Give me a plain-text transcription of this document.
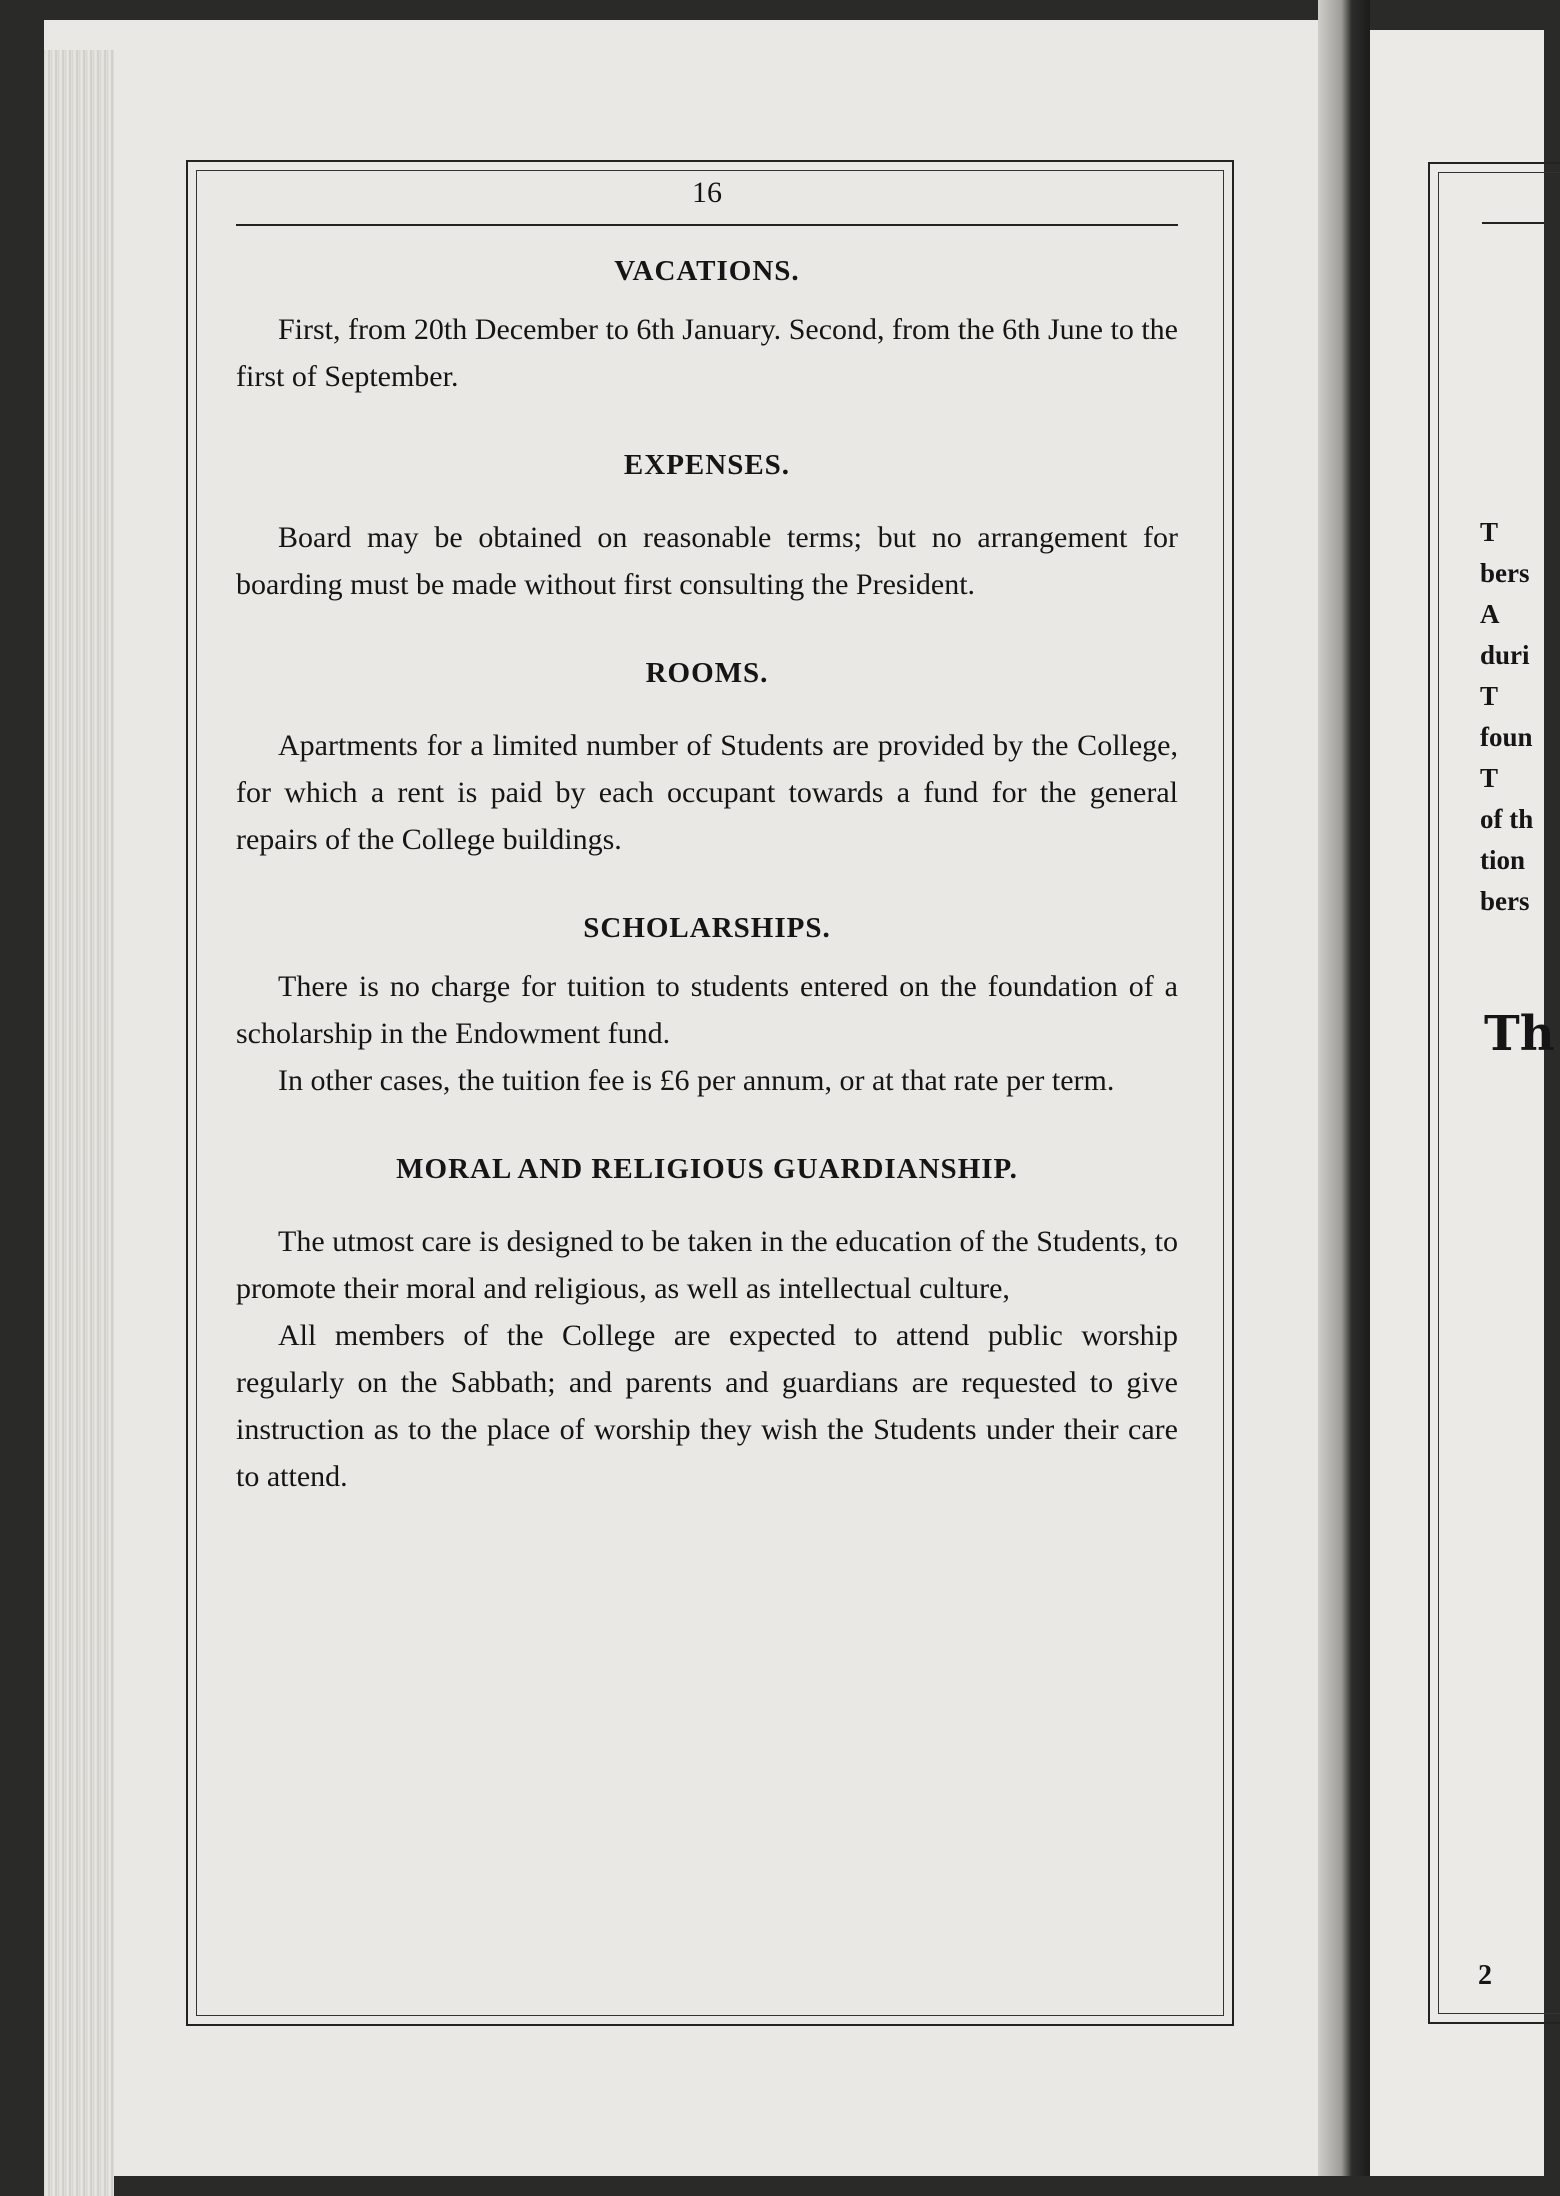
16
VACATIONS.

First, from 20th December to 6th January. Second, from the 6th June to the first of September.

EXPENSES.

Board may be obtained on reasonable terms; but no arrangement for boarding must be made without first consulting the President.

ROOMS.

Apartments for a limited number of Students are provided by the College, for which a rent is paid by each occupant towards a fund for the general repairs of the College buildings.

SCHOLARSHIPS.

There is no charge for tuition to students entered on the foundation of a scholarship in the Endowment fund.

In other cases, the tuition fee is £6 per annum, or at that rate per term.

MORAL AND RELIGIOUS GUARDIANSHIP.

The utmost care is designed to be taken in the education of the Students, to promote their moral and religious, as well as intellectual culture,

All members of the College are expected to attend public worship regularly on the Sabbath; and parents and guardians are requested to give instruction as to the place of worship they wish the Students under their care to attend.

T
bers
A
duri
T
foun
T
of th
tion
bers
Th
2
